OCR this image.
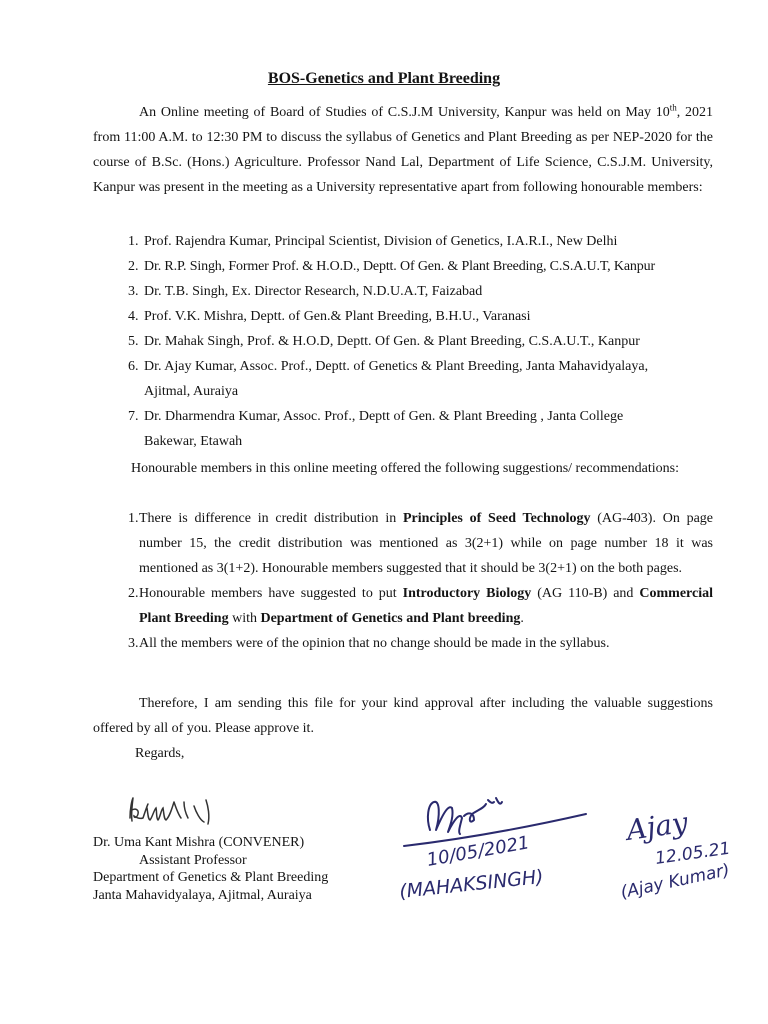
BOS-Genetics and Plant Breeding

An Online meeting of Board of Studies of C.S.J.M University, Kanpur was held on May 10th, 2021 from 11:00 A.M. to 12:30 PM to discuss the syllabus of Genetics and Plant Breeding as per NEP-2020 for the course of B.Sc. (Hons.) Agriculture. Professor Nand Lal, Department of Life Science, C.S.J.M. University, Kanpur was present in the meeting as a University representative apart from following honourable members:

1. Prof. Rajendra Kumar, Principal Scientist, Division of Genetics, I.A.R.I., New Delhi
2. Dr. R.P. Singh, Former Prof. & H.O.D., Deptt. Of Gen. & Plant Breeding, C.S.A.U.T, Kanpur
3. Dr. T.B. Singh, Ex. Director Research, N.D.U.A.T, Faizabad
4. Prof. V.K. Mishra, Deptt. of Gen.& Plant Breeding, B.H.U., Varanasi
5. Dr. Mahak Singh, Prof. & H.O.D, Deptt. Of Gen. & Plant Breeding, C.S.A.U.T., Kanpur
6. Dr. Ajay Kumar, Assoc. Prof., Deptt. of Genetics & Plant Breeding, Janta Mahavidyalaya,
Ajitmal, Auraiya
7. Dr. Dharmendra Kumar, Assoc. Prof., Deptt of Gen. & Plant Breeding , Janta College
Bakewar, Etawah

Honourable members in this online meeting offered the following suggestions/ recommendations:

1. There is difference in credit distribution in Principles of Seed Technology (AG-403). On page number 15, the credit distribution was mentioned as 3(2+1) while on page number 18 it was mentioned as 3(1+2). Honourable members suggested that it should be 3(2+1) on the both pages.
2. Honourable members have suggested to put Introductory Biology (AG 110-B) and Commercial Plant Breeding with Department of Genetics and Plant breeding.
3. All the members were of the opinion that no change should be made in the syllabus.

Therefore, I am sending this file for your kind approval after including the valuable suggestions offered by all of you. Please approve it.

Regards,

Dr. Uma Kant Mishra (CONVENER)
Assistant Professor
Department of Genetics & Plant Breeding
Janta Mahavidyalaya, Ajitmal, Auraiya
10/05/2021
(MAHAKSINGH)
Ajay
12.05.21
(Ajay Kumar)
